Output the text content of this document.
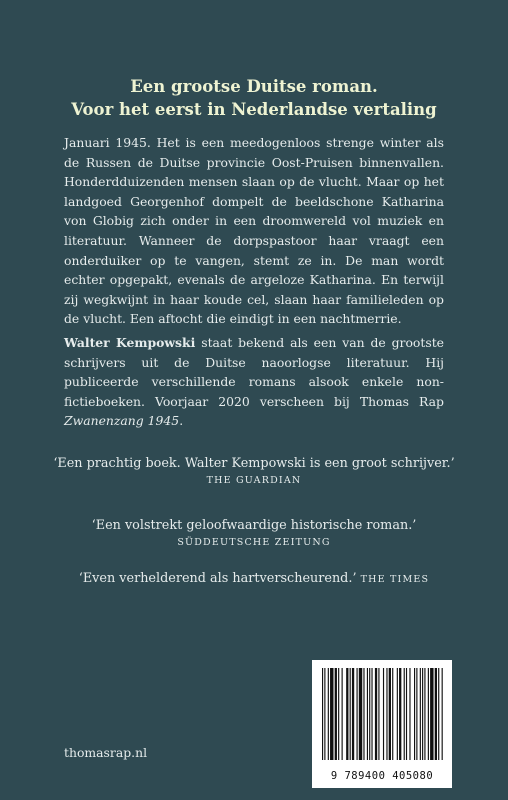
Een grootse Duitse roman.
Voor het eerst in Nederlandse vertaling

Januari 1945. Het is een meedogenloos strenge winter als de Russen de Duitse provincie Oost-Pruisen binnenvallen. Honderdduizenden mensen slaan op de vlucht. Maar op het landgoed Georgenhof dompelt de beeldschone Katharina von Globig zich onder in een droomwereld vol muziek en literatuur. Wanneer de dorpspastoor haar vraagt een onderduiker op te vangen, stemt ze in. De man wordt echter opgepakt, evenals de argeloze Katharina. En terwijl zij wegkwijnt in haar koude cel, slaan haar familieleden op de vlucht. Een aftocht die eindigt in een nachtmerrie.

Walter Kempowski staat bekend als een van de grootste schrijvers uit de Duitse naoorlogse literatuur. Hij publiceerde verschillende romans alsook enkele non-fictieboeken. Voorjaar 2020 verscheen bij Thomas Rap Zwanenzang 1945.

‘Een prachtig boek. Walter Kempowski is een groot schrijver.’
THE GUARDIAN
‘Een volstrekt geloofwaardige historische roman.’
SÜDDEUTSCHE ZEITUNG
‘Even verhelderend als hartverscheurend.’ THE TIMES
9 789400 405080
thomasrap.nl
